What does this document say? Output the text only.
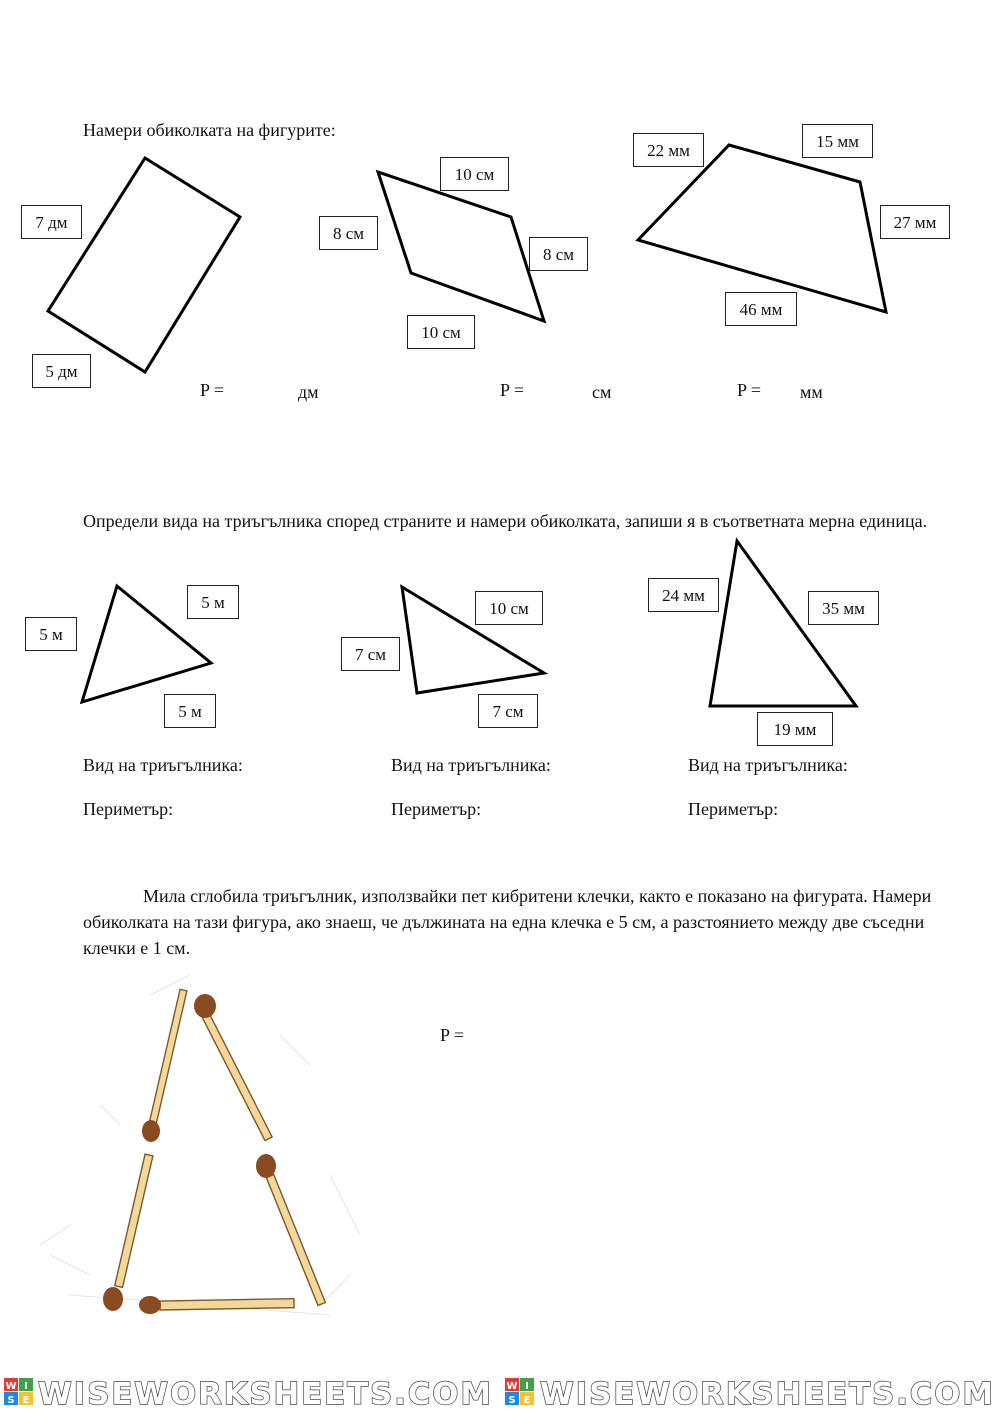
Намери обиколката на фигурите:
7 дм
5 дм
10 см
8 см
8 см
10 см
22 мм	15 мм
27 мм
46 мм
P =	дм	P =	см	P = мм
Определи вида на триъгълника според страните и намери обиколката, запиши я в съответната мерна единица.
5 м
5 м
5 м
10 см
7 см
7 см
24 мм
35 мм
19 мм
Вид на триъгълника:	Вид на триъгълника:	Вид на триъгълника:
Периметър:	Периметър:	Периметър:
Мила сглобила триъгълник, използвайки пет кибритени клечки, както е показано на фигурата. Намери обиколката на тази фигура, ако знаеш, че дължината на една клечка е 5 см, а разстоянието между две съседни клечки е 1 см.
P =
W I
S E WISEWORKSHEETS.COM W I
S E WISEWORKSHEETS.COM
